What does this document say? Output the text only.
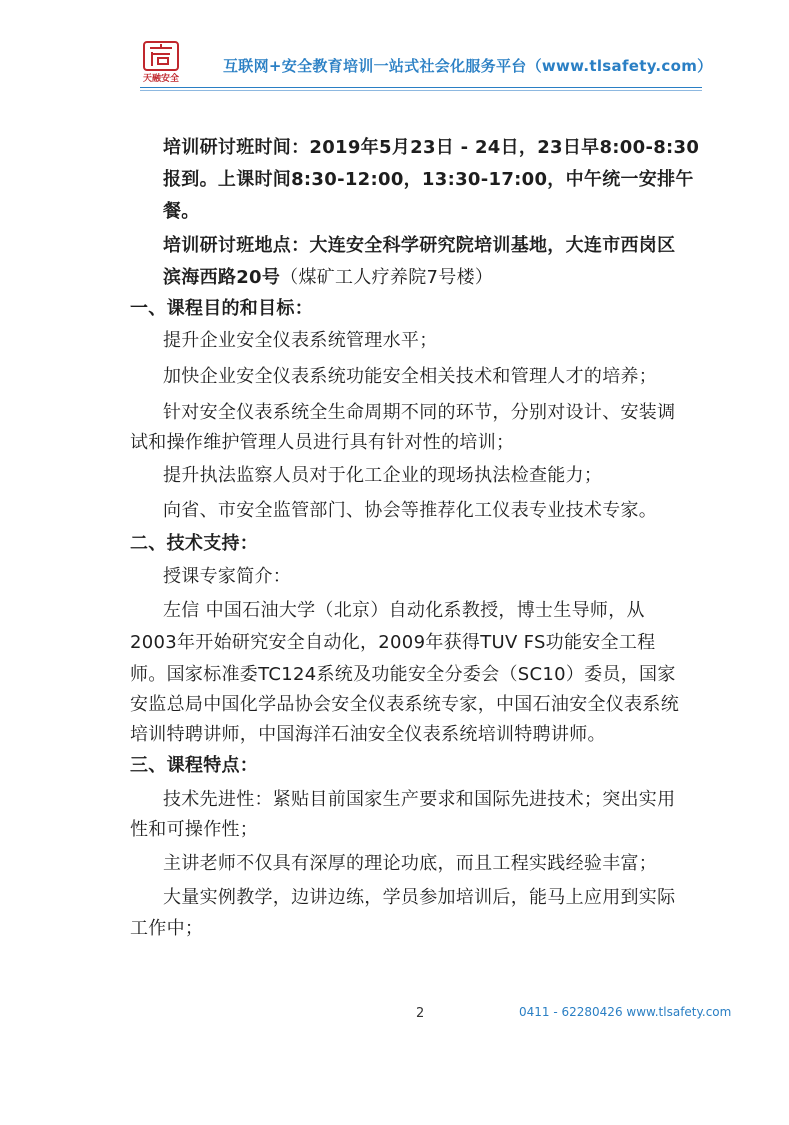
天融安全
互联网+安全教育培训一站式社会化服务平台（www.tlsafety.com）
培训研讨班时间：2019年5月23日 - 24日，23日早8:00-8:30
报到。上课时间8:30-12:00，13:30-17:00，中午统一安排午
餐。
培训研讨班地点：大连安全科学研究院培训基地，大连市西岗区
滨海西路20号（煤矿工人疗养院7号楼）
一、课程目的和目标：
提升企业安全仪表系统管理水平；
加快企业安全仪表系统功能安全相关技术和管理人才的培养；
针对安全仪表系统全生命周期不同的环节，分别对设计、安装调
试和操作维护管理人员进行具有针对性的培训；
提升执法监察人员对于化工企业的现场执法检查能力；
向省、市安全监管部门、协会等推荐化工仪表专业技术专家。
二、技术支持：
授课专家简介：
左信 中国石油大学（北京）自动化系教授，博士生导师，从
2003年开始研究安全自动化，2009年获得TUV FS功能安全工程
师。国家标准委TC124系统及功能安全分委会（SC10）委员，国家
安监总局中国化学品协会安全仪表系统专家，中国石油安全仪表系统
培训特聘讲师，中国海洋石油安全仪表系统培训特聘讲师。
三、课程特点：
技术先进性：紧贴目前国家生产要求和国际先进技术；突出实用
性和可操作性；
主讲老师不仅具有深厚的理论功底，而且工程实践经验丰富；
大量实例教学，边讲边练，学员参加培训后，能马上应用到实际
工作中；
2	0411 - 62280426 www.tlsafety.com
